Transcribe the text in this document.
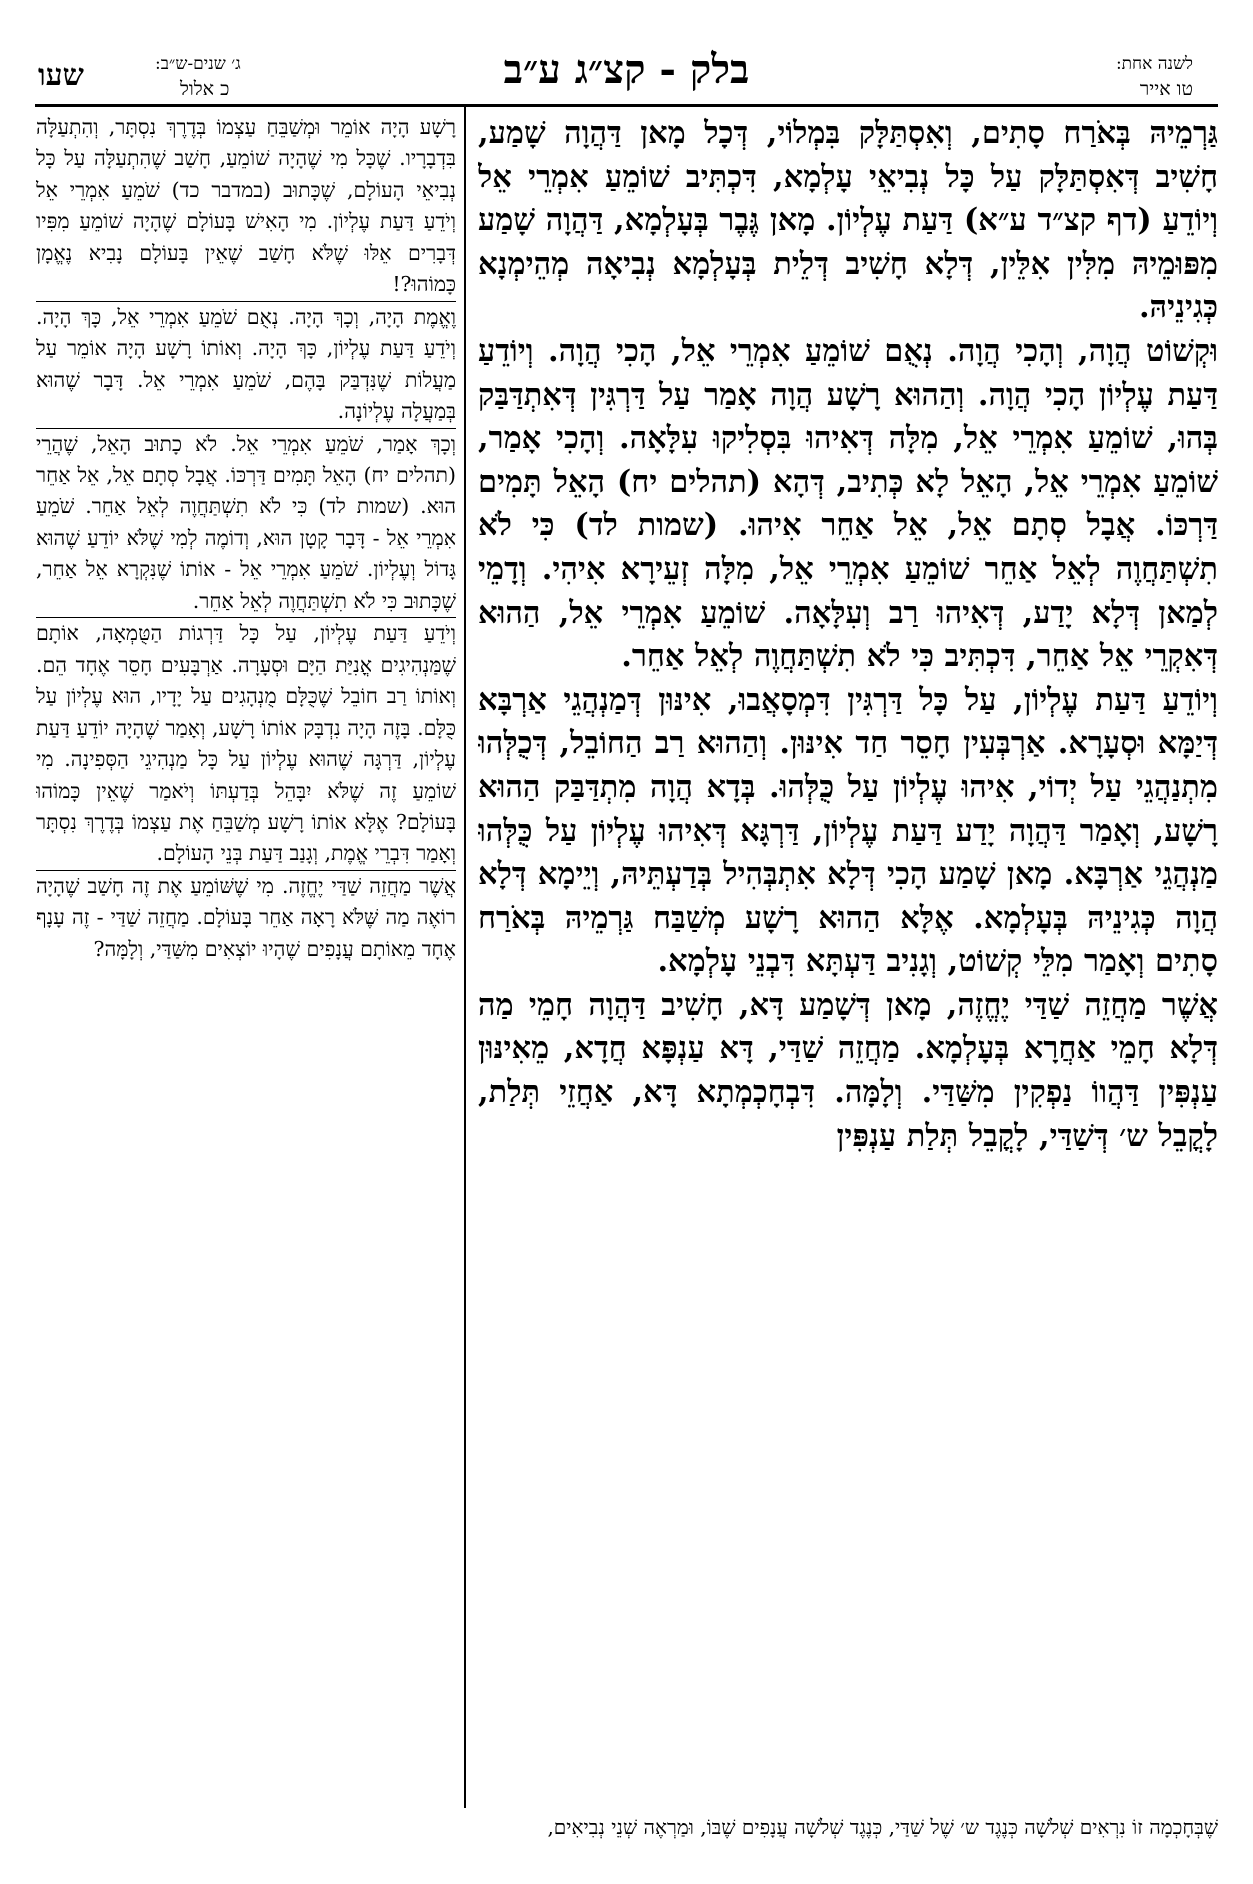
לשנה אחת:
טו אייר
בלק - קצ״ג ע״ב
ג׳ שנים-ש״ב:
כ אלול
שעו

גַּרְמֵיהּ בְּאֹרַח סָתִים, וְאִסְתַּלָּק בִּמְלוֹי, דְּכָל מָאן דַּהֲוָה שָׁמַע, חָשִׁיב דְּאִסְתַּלָּק עַל כָּל נְבִיאֵי עָלְמָא, דִּכְתִּיב שׁוֹמֵעַ אִמְרֵי אֵל וְיוֹדֵעַ (דף קצ״ד ע״א) דַּעַת עֶלְיוֹן. מָאן גֶּבֶר בְּעָלְמָא, דַּהֲוָה שָׁמַע מִפּוּמֵיהּ מִלִּין אִלֵּין, דְּלָא חָשִׁיב דְּלֵית בְּעָלְמָא נְבִיאָה מְהֵימְנָא כְּגִינֵיהּ.

וּקְשׁוֹט הֲוָה, וְהָכִי הֲוָה. נְאֻם שׁוֹמֵעַ אִמְרֵי אֵל, הָכִי הֲוָה. וְיוֹדֵעַ דַּעַת עֶלְיוֹן הָכִי הֲוָה. וְהַהוּא רָשָׁע הֲוָה אָמַר עַל דַּרְגִּין דְּאִתְדַּבַּק בְּהוּ, שׁוֹמֵעַ אִמְרֵי אֵל, מִלָּה דְּאִיהוּ בִּסְלִיקוּ עִלָּאָה. וְהָכִי אָמַר, שׁוֹמֵעַ אִמְרֵי אֵל, הָאֵל לָא כְּתִיב, דְּהָא (תהלים יח) הָאֵל תָּמִים דַּרְכּוֹ. אֲבָל סְתָם אֵל, אֵל אַחֵר אִיהוּ. (שמות לד) כִּי לֹא תִשְׁתַּחֲוֶה לְאֵל אַחֵר שׁוֹמֵעַ אִמְרֵי אֵל, מִלָּה זְעֵירָא אִיהִי. וְדָמֵי לְמַאן דְּלָא יָדַע, דְּאִיהוּ רַב וְעִלָּאָה. שׁוֹמֵעַ אִמְרֵי אֵל, הַהוּא דְּאִקְרֵי אֵל אַחֵר, דִּכְתִּיב כִּי לֹא תִשְׁתַּחֲוֶה לְאֵל אַחֵר.

וְיוֹדֵעַ דַּעַת עֶלְיוֹן, עַל כָּל דַּרְגִּין דִּמְסָאֲבוּ, אִינּוּן דְּמַנְהֲגֵי אַרְבָּא דְּיַמָּא וּסְעָרָא. אַרְבְּעִין חָסֵר חַד אִינּוּן. וְהַהוּא רַב הַחוֹבֵל, דְּכֻלְּהוּ מִתְנַהֲגֵי עַל יְדוֹי, אִיהוּ עֶלְיוֹן עַל כֻּלְּהוּ. בְּדָא הֲוָה מִתְדַּבַּק הַהוּא רָשָׁע, וְאָמַר דַּהֲוָה יָדַע דַּעַת עֶלְיוֹן, דַּרְגָּא דְּאִיהוּ עֶלְיוֹן עַל כֻּלְּהוּ מַנְהֲגֵי אַרְבָּא. מָאן שָׁמַע הָכִי דְּלָא אִתְבְּהִיל בְּדַעְתֵּיהּ, וְיֵימָא דְּלָא הֲוָה כְּגִינֵיהּ בְּעָלְמָא. אֶלָּא הַהוּא רָשָׁע מְשַׁבַּח גַּרְמֵיהּ בְּאֹרַח סָתִים וְאָמַר מִלֵּי קְשׁוֹט, וְגָנִיב דַּעְתָּא דִּבְנֵי עָלְמָא.

אֲשֶׁר מַחֲזֵה שַׁדַּי יֶחֱזֶה, מָאן דְּשָׁמַע דָּא, חָשִׁיב דַּהֲוָה חָמֵי מַה דְּלָא חָמֵי אַחֲרָא בְּעָלְמָא. מַחֲזֵה שַׁדַּי, דָּא עַנְפָּא חֲדָא, מֵאִינּוּן עַנְפִּין דַּהֲווֹ נַפְקִין מִשַּׁדַּי. וְלָמָּה. דִּבְחָכְמְתָא דָּא, אַחֲזֵי תְּלַת, לָקֳבֵל ש׳ דְּשַׁדַּי, לָקֳבֵל תְּלַת עַנְפִּין

רָשָׁע הָיָה אוֹמֵר וּמְשַׁבֵּחַ עַצְמוֹ בְּדֶרֶךְ נִסְתָּר, וְהִתְעַלָּה בִּדְבָרָיו. שֶׁכָּל מִי שֶׁהָיָה שׁוֹמֵעַ, חָשַׁב שֶׁהִתְעַלָּה עַל כָּל נְבִיאֵי הָעוֹלָם, שֶׁכָּתוּב (במדבר כד) שֹׁמֵעַ אִמְרֵי אֵל וְיֹדֵעַ דַּעַת עֶלְיוֹן. מִי הָאִישׁ בָּעוֹלָם שֶׁהָיָה שׁוֹמֵעַ מִפִּיו דְּבָרִים אֵלּוּ שֶׁלֹּא חָשַׁב שֶׁאֵין בָּעוֹלָם נָבִיא נֶאֱמָן כָּמוֹהוּ?!

וֶאֱמֶת הָיָה, וְכָךְ הָיָה. נְאֻם שֹׁמֵעַ אִמְרֵי אֵל, כָּךְ הָיָה. וְיֹדֵעַ דַּעַת עֶלְיוֹן, כָּךְ הָיָה. וְאוֹתוֹ רָשָׁע הָיָה אוֹמֵר עַל מַעֲלוֹת שֶׁנִּדְבַּק בָּהֶם, שֹׁמֵעַ אִמְרֵי אֵל. דָּבָר שֶׁהוּא בְּמַעֲלָה עֶלְיוֹנָה.

וְכָךְ אָמַר, שֹׁמֵעַ אִמְרֵי אֵל. לֹא כָתוּב הָאֵל, שֶׁהֲרֵי (תהלים יח) הָאֵל תָּמִים דַּרְכּוֹ. אֲבָל סְתָם אֵל, אֵל אַחֵר הוּא. (שמות לד) כִּי לֹא תִשְׁתַּחֲוֶה לְאֵל אַחֵר. שֹׁמֵעַ אִמְרֵי אֵל - דָּבָר קָטָן הוּא, וְדוֹמֶה לְמִי שֶׁלֹּא יוֹדֵעַ שֶׁהוּא גָּדוֹל וְעֶלְיוֹן. שֹׁמֵעַ אִמְרֵי אֵל - אוֹתוֹ שֶׁנִּקְרָא אֵל אַחֵר, שֶׁכָּתוּב כִּי לֹא תִשְׁתַּחֲוֶה לְאֵל אַחֵר.

וְיֹדֵעַ דַּעַת עֶלְיוֹן, עַל כָּל דַּרְגוֹת הַטֻּמְאָה, אוֹתָם שֶׁמַּנְהִיגִים אֳנִיַּת הַיָּם וּסְעָרָה. אַרְבָּעִים חָסֵר אֶחָד הֵם. וְאוֹתוֹ רַב חוֹבֵל שֶׁכֻּלָּם מֻנְהָגִים עַל יָדָיו, הוּא עֶלְיוֹן עַל כֻּלָּם. בָּזֶה הָיָה נִדְבָּק אוֹתוֹ רָשָׁע, וְאָמַר שֶׁהָיָה יוֹדֵעַ דַּעַת עֶלְיוֹן, דַּרְגָּה שֶׁהוּא עֶלְיוֹן עַל כָּל מַנְהִיגֵי הַסְּפִינָה. מִי שׁוֹמֵעַ זֶה שֶׁלֹּא יִבָּהֵל בְּדַעְתּוֹ וְיֹאמַר שֶׁאֵין כָּמוֹהוּ בָּעוֹלָם? אֶלָּא אוֹתוֹ רָשָׁע מְשַׁבֵּחַ אֶת עַצְמוֹ בְּדֶרֶךְ נִסְתָּר וְאָמַר דִּבְרֵי אֱמֶת, וְגָנַב דַּעַת בְּנֵי הָעוֹלָם.

אֲשֶׁר מַחֲזֵה שַׁדַּי יֶחֱזֶה. מִי שֶׁשּׁוֹמֵעַ אֶת זֶה חָשַׁב שֶׁהָיָה רוֹאֶה מַה שֶּׁלֹּא רָאָה אַחֵר בָּעוֹלָם. מַחֲזֵה שַׁדַּי - זֶה עָנָף אֶחָד מֵאוֹתָם עֲנָפִים שֶׁהָיוּ יוֹצְאִים מִשַּׁדַּי, וְלָמָּה?

שֶׁבְּחָכְמָה זוֹ נִרְאִים שְׁלֹשָׁה כְּנֶגֶד ש׳ שֶׁל שַׁדַּי, כְּנֶגֶד שְׁלֹשָׁה עֲנָפִים שֶׁבּוֹ, וּמַרְאֶה שְׁנֵי נְבִיאִים,
